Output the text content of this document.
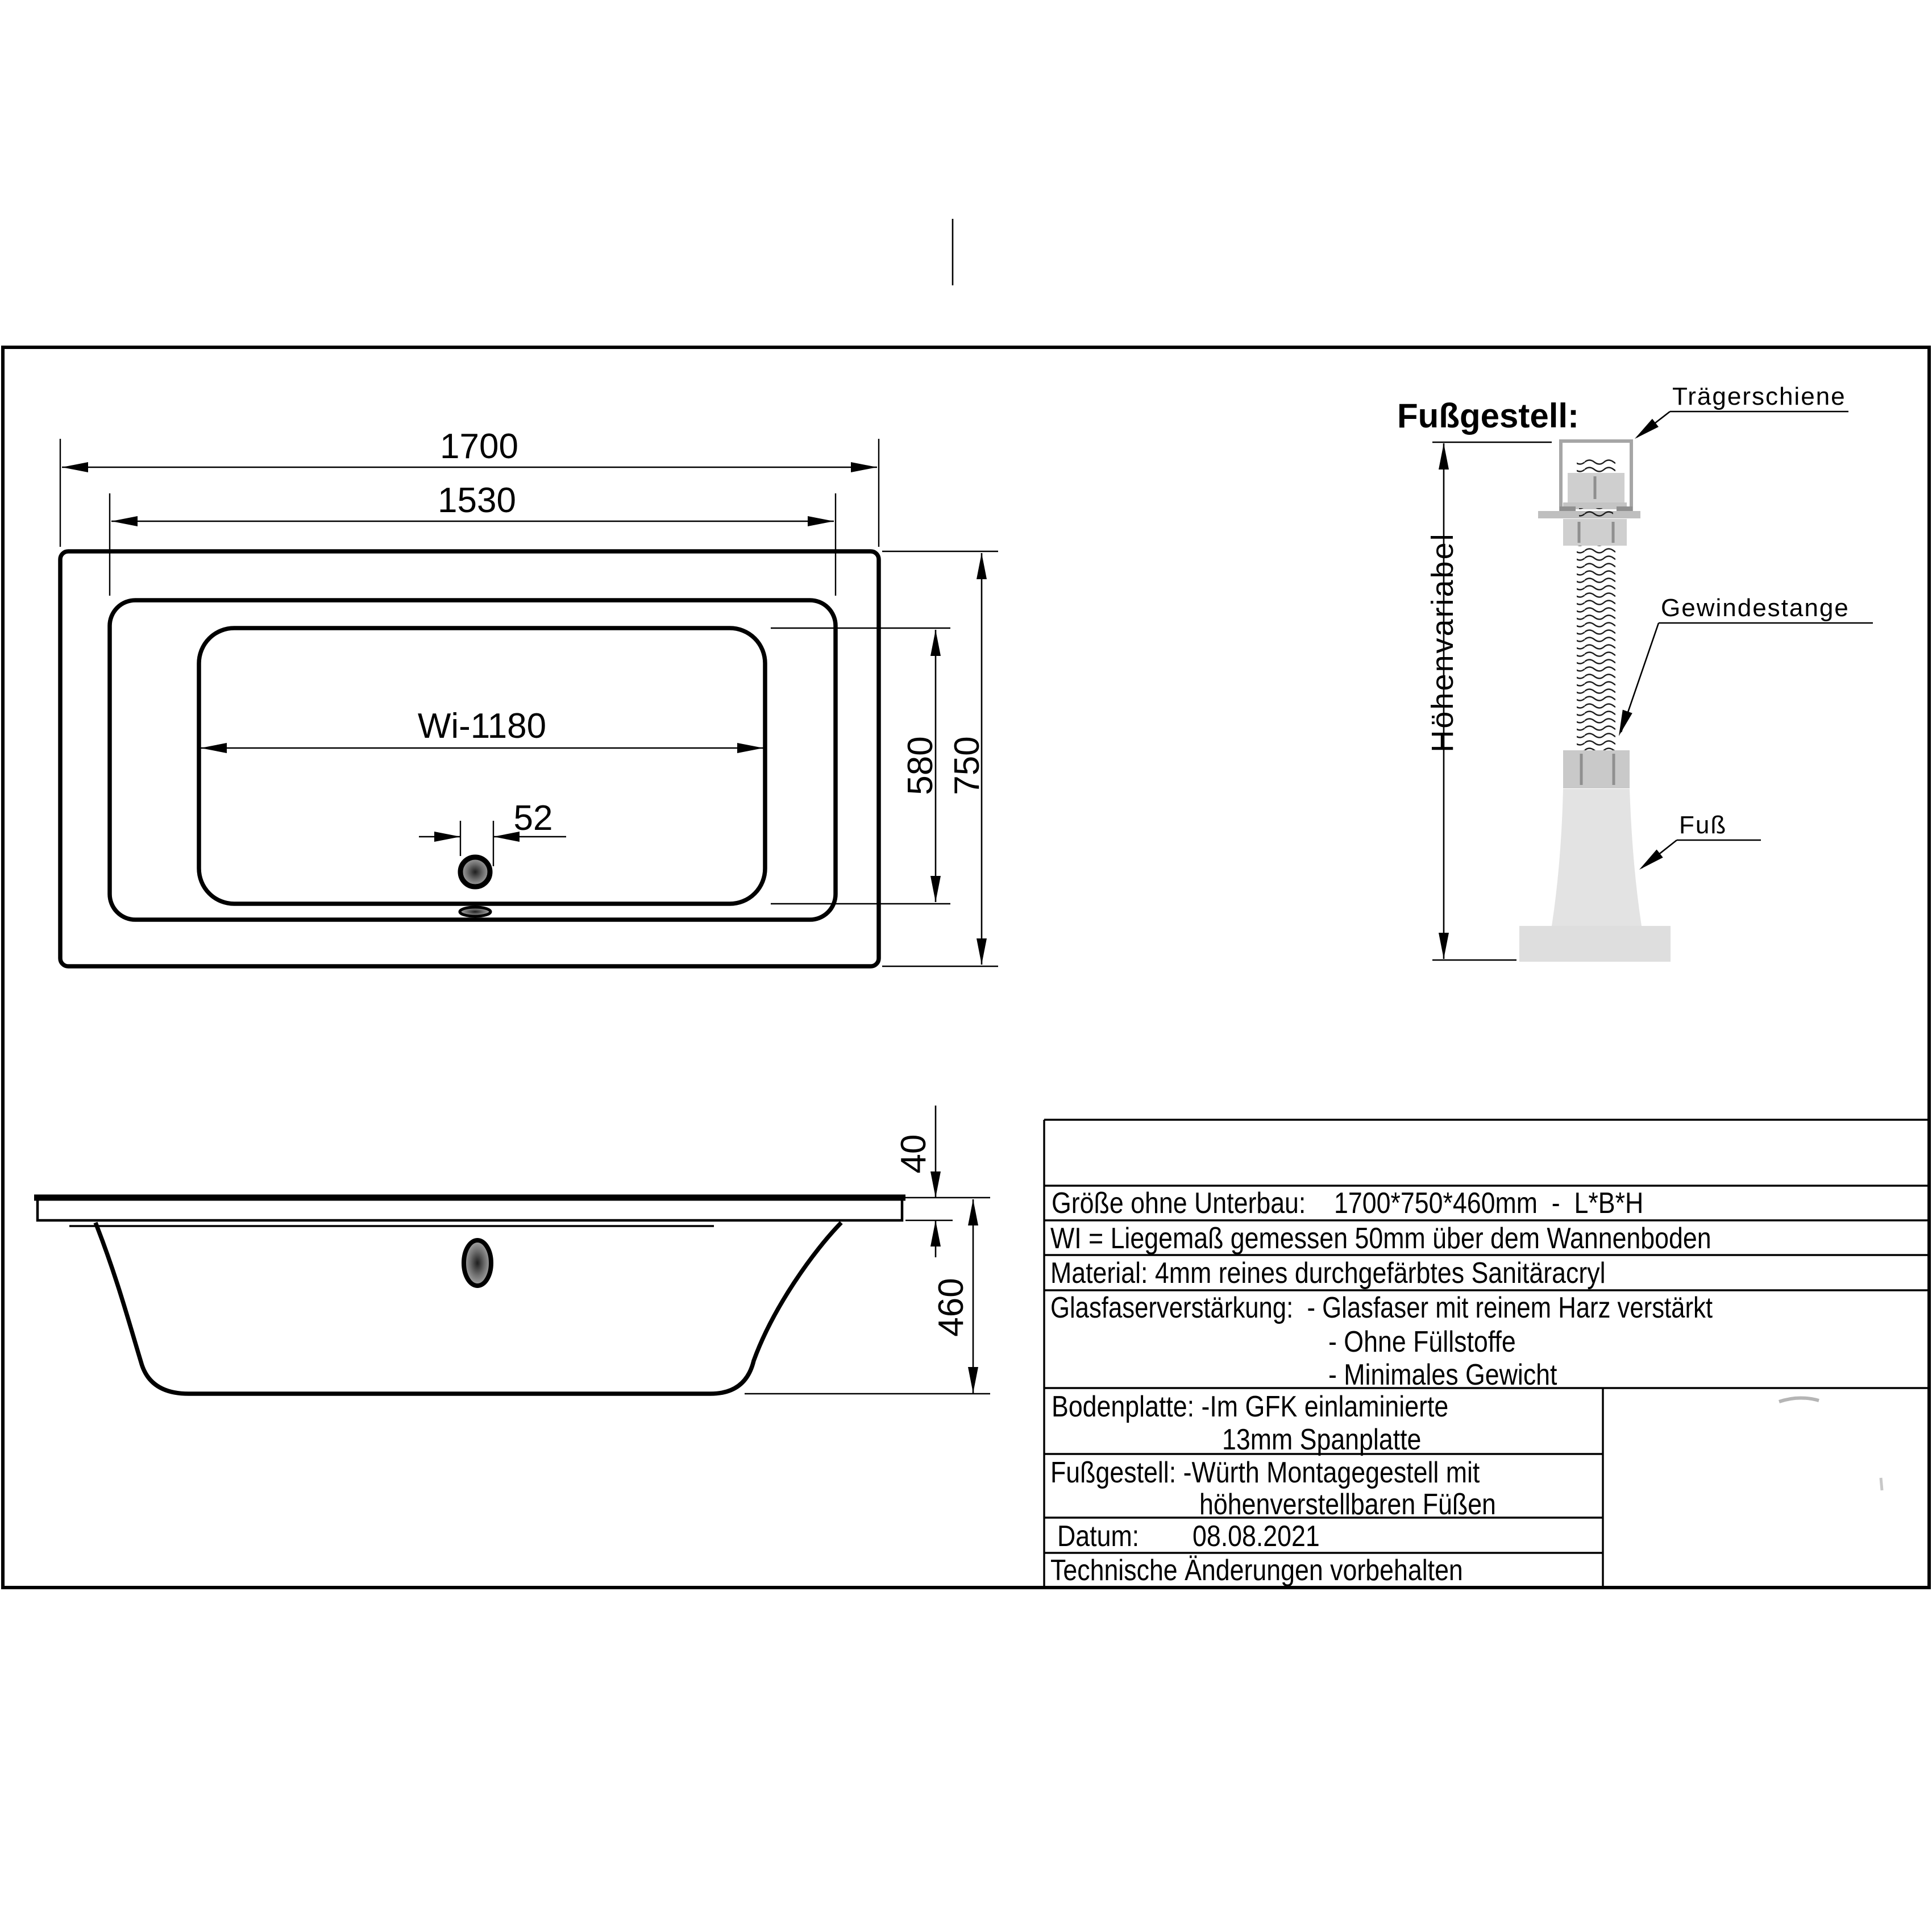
1700
1530
Wi-1180
52
580 750
40
460
Fußgestell:
Höhenvariabel
Trägerschiene
Gewindestange
Fuß
Größe ohne Unterbau:    1700*750*460mm  -  L*B*H
WI = Liegemaß gemessen 50mm über dem Wannenboden
Material: 4mm reines durchgefärbtes Sanitäracryl
Glasfaserverstärkung:  - Glasfaser mit reinem Harz verstärkt
- Ohne Füllstoffe
- Minimales Gewicht
Bodenplatte: -Im GFK einlaminierte
13mm Spanplatte
Fußgestell: -Würth Montagegestell mit
höhenverstellbaren Füßen
Datum: 08.08.2021
Technische Änderungen vorbehalten
